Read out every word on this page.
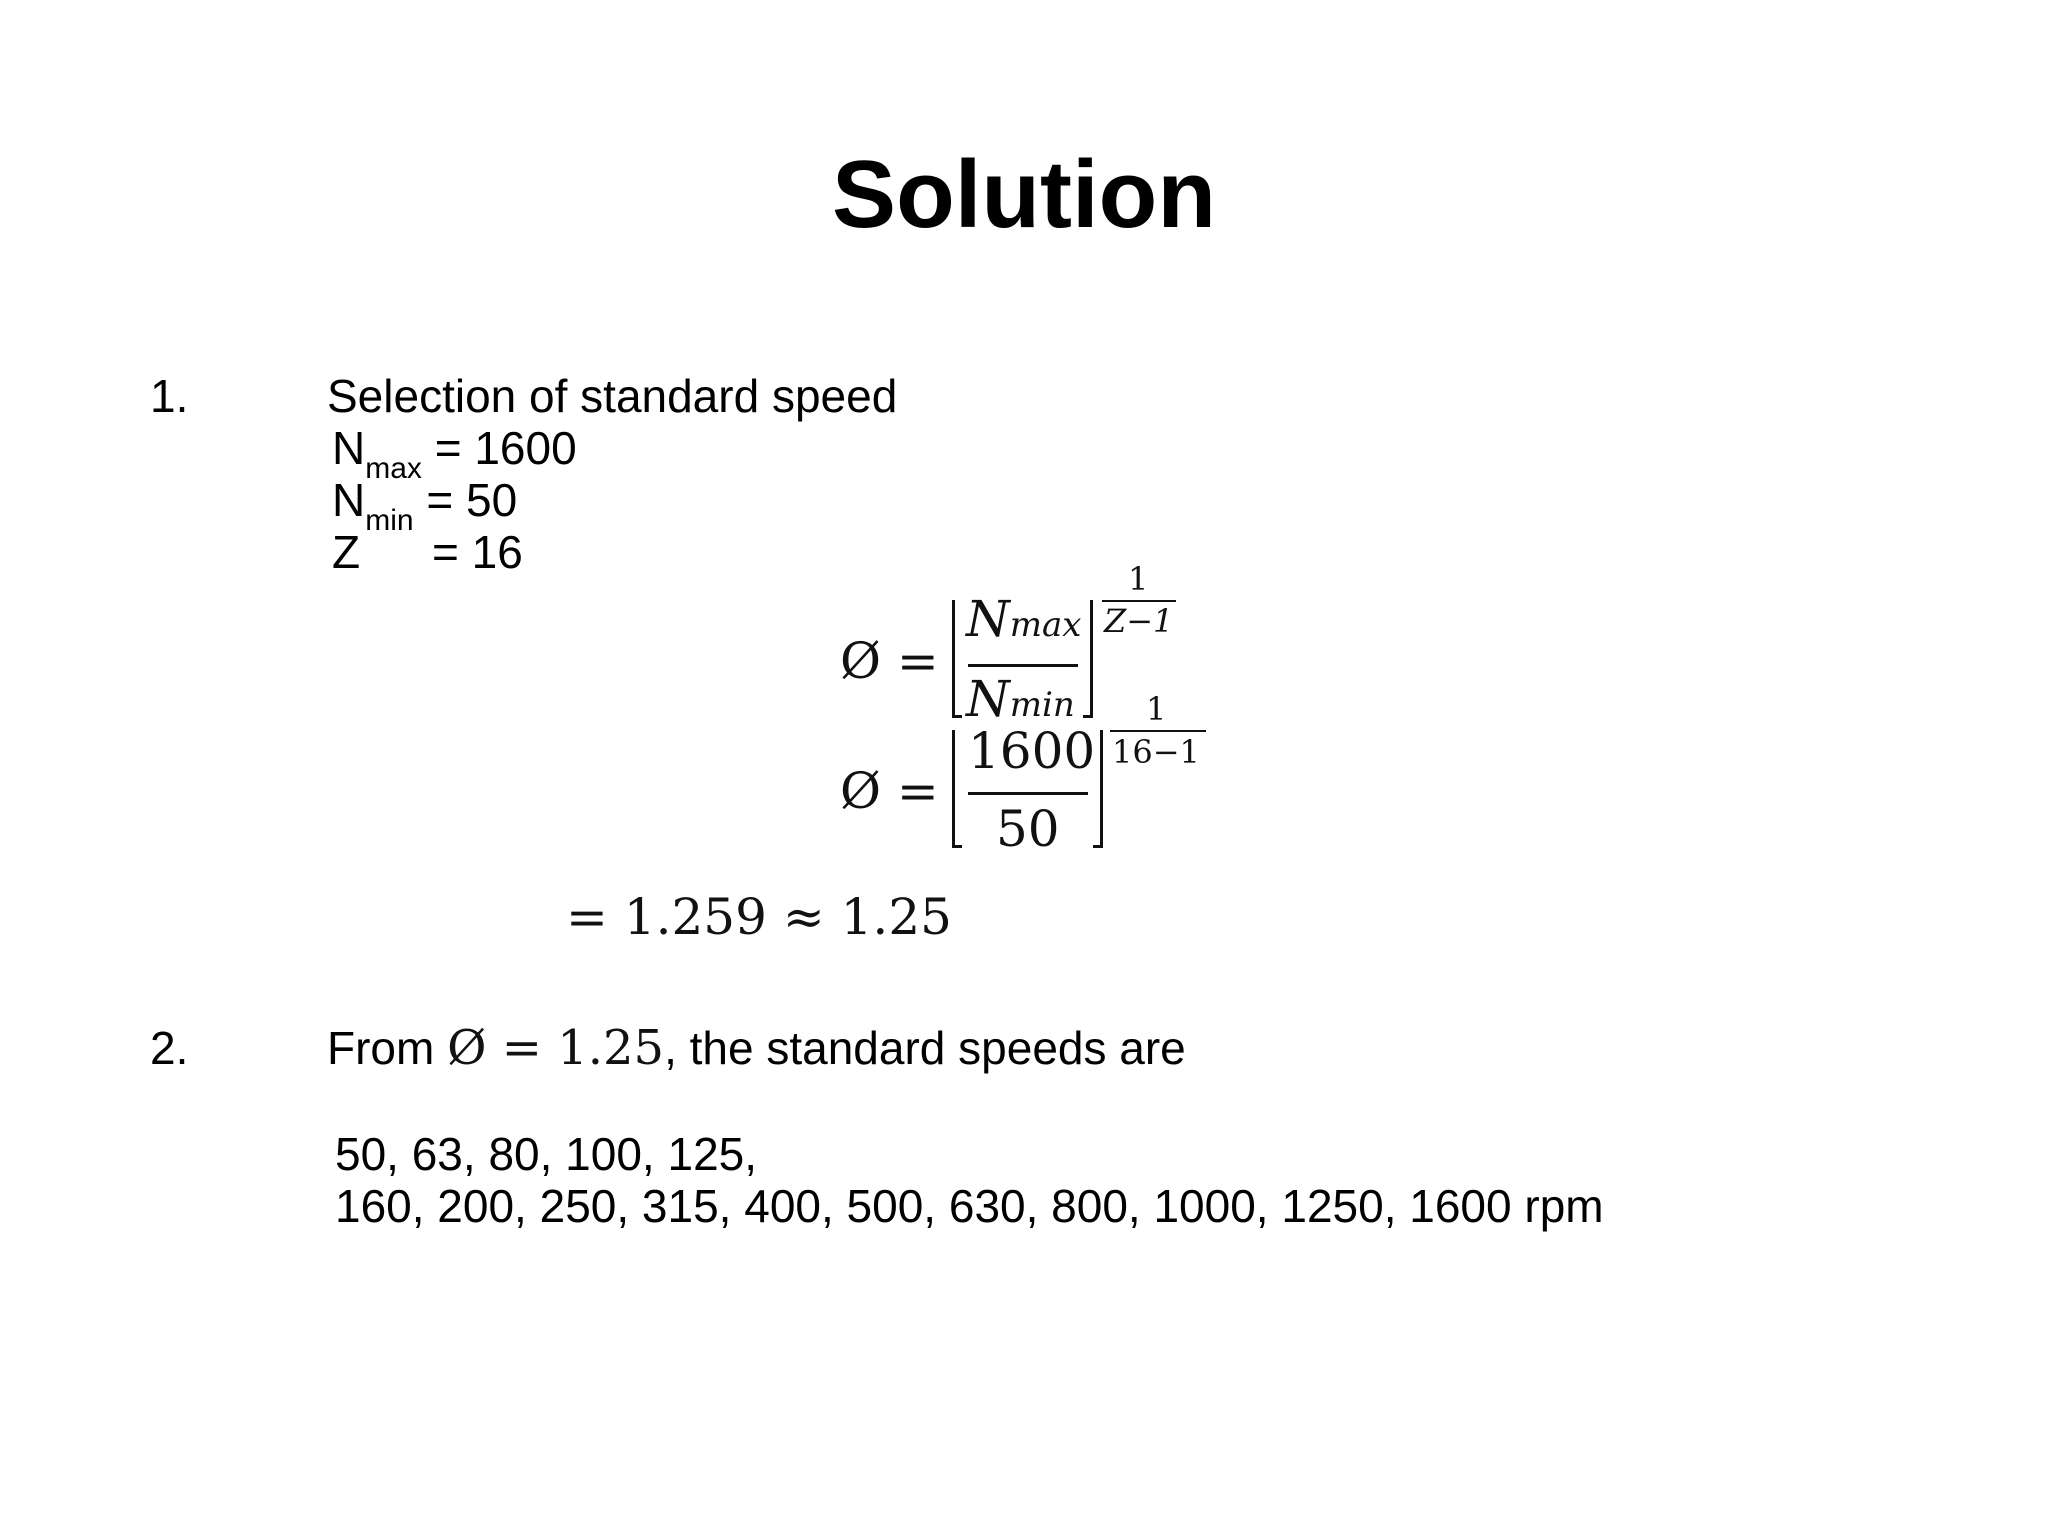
Solution
1.	Selection of standard speed
$N_{max} = 1600$
$N_{min} = 50$
Z = 16
Ø =
Nmax
Nmin
1
Z−1
Ø =
1600
50
1
16−1
= 1.259 ≈ 1.25
2.	From Ø = 1.25, the standard speeds are
50, 63, 80, 100, 125,
160, 200, 250, 315, 400, 500, 630, 800, 1000, 1250, 1600 rpm
